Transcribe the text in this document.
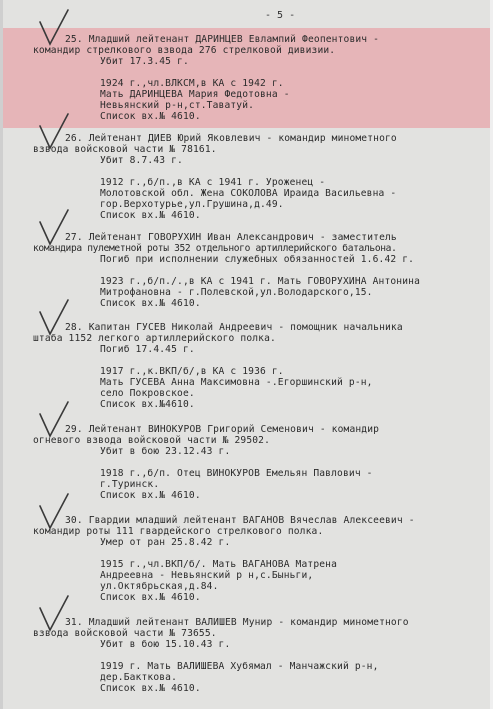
- 5 -
25. Младший лейтенант ДАРИНЦЕВ Евлампий Феопентович -
командир стрелкового взвода 276 стрелковой дивизии.
Убит 17.3.45 г.
1924 г.,чл.ВЛКСМ,в КА с 1942 г.
Мать ДАРИНЦЕВА Мария Федотовна -
Невьянский р-н,ст.Таватуй.
Список вх.№ 4610.
26. Лейтенант ДИЕВ Юрий Яковлевич - командир минометного
взвода войсковой части № 78161.
Убит 8.7.43 г.
1912 г.,б/п.,в КА с 1941 г. Уроженец -
Молотовской обл. Жена СОКОЛОВА Ираида Васильевна -
гор.Верхотурье,ул.Грушина,д.49.
Список вх.№ 4610.
27. Лейтенант ГОВОРУХИН Иван Александрович - заместитель
командира пулеметной роты 352 отдельного артиллерийского батальона.
Погиб при исполнении служебных обязанностей 1.6.42 г.
1923 г.,б/п./.,в КА с 1941 г. Мать ГОВОРУХИНА Антонина
Митрофановна - г.Полевской,ул.Володарского,15.
Список вх.№ 4610.
28. Капитан ГУСЕВ Николай Андреевич - помощник начальника
штаба 1152 легкого артиллерийского полка.
Погиб 17.4.45 г.
1917 г.,к.ВКП/б/,в КА с 1936 г.
Мать ГУСЕВА Анна Максимовна -.Егоршинский р-н,
село Покровское.
Список вх.№4610.
29. Лейтенант ВИНОКУРОВ Григорий Семенович - командир
огневого взвода войсковой части № 29502.
Убит в бою 23.12.43 г.
1918 г.,б/п. Отец ВИНОКУРОВ Емельян Павлович -
г.Туринск.
Список вх.№ 4610.
30. Гвардии младший лейтенант ВАГАНОВ Вячеслав Алексеевич -
командир роты 111 гвардейского стрелкового полка.
Умер от ран 25.8.42 г.
1915 г.,чл.ВКП/б/. Мать ВАГАНОВА Матрена
Андреевна - Невьянский р н,с.Быньги,
ул.Октябрьская,д.84.
Список вх.№ 4610.
31. Младший лейтенант ВАЛИШЕВ Мунир - командир минометного
взвода войсковой части № 73655.
Убит в бою 15.10.43 г.
1919 г. Мать ВАЛИШЕВА Хубямал - Манчажский р-н,
дер.Бакткова.
Список вх.№ 4610.
